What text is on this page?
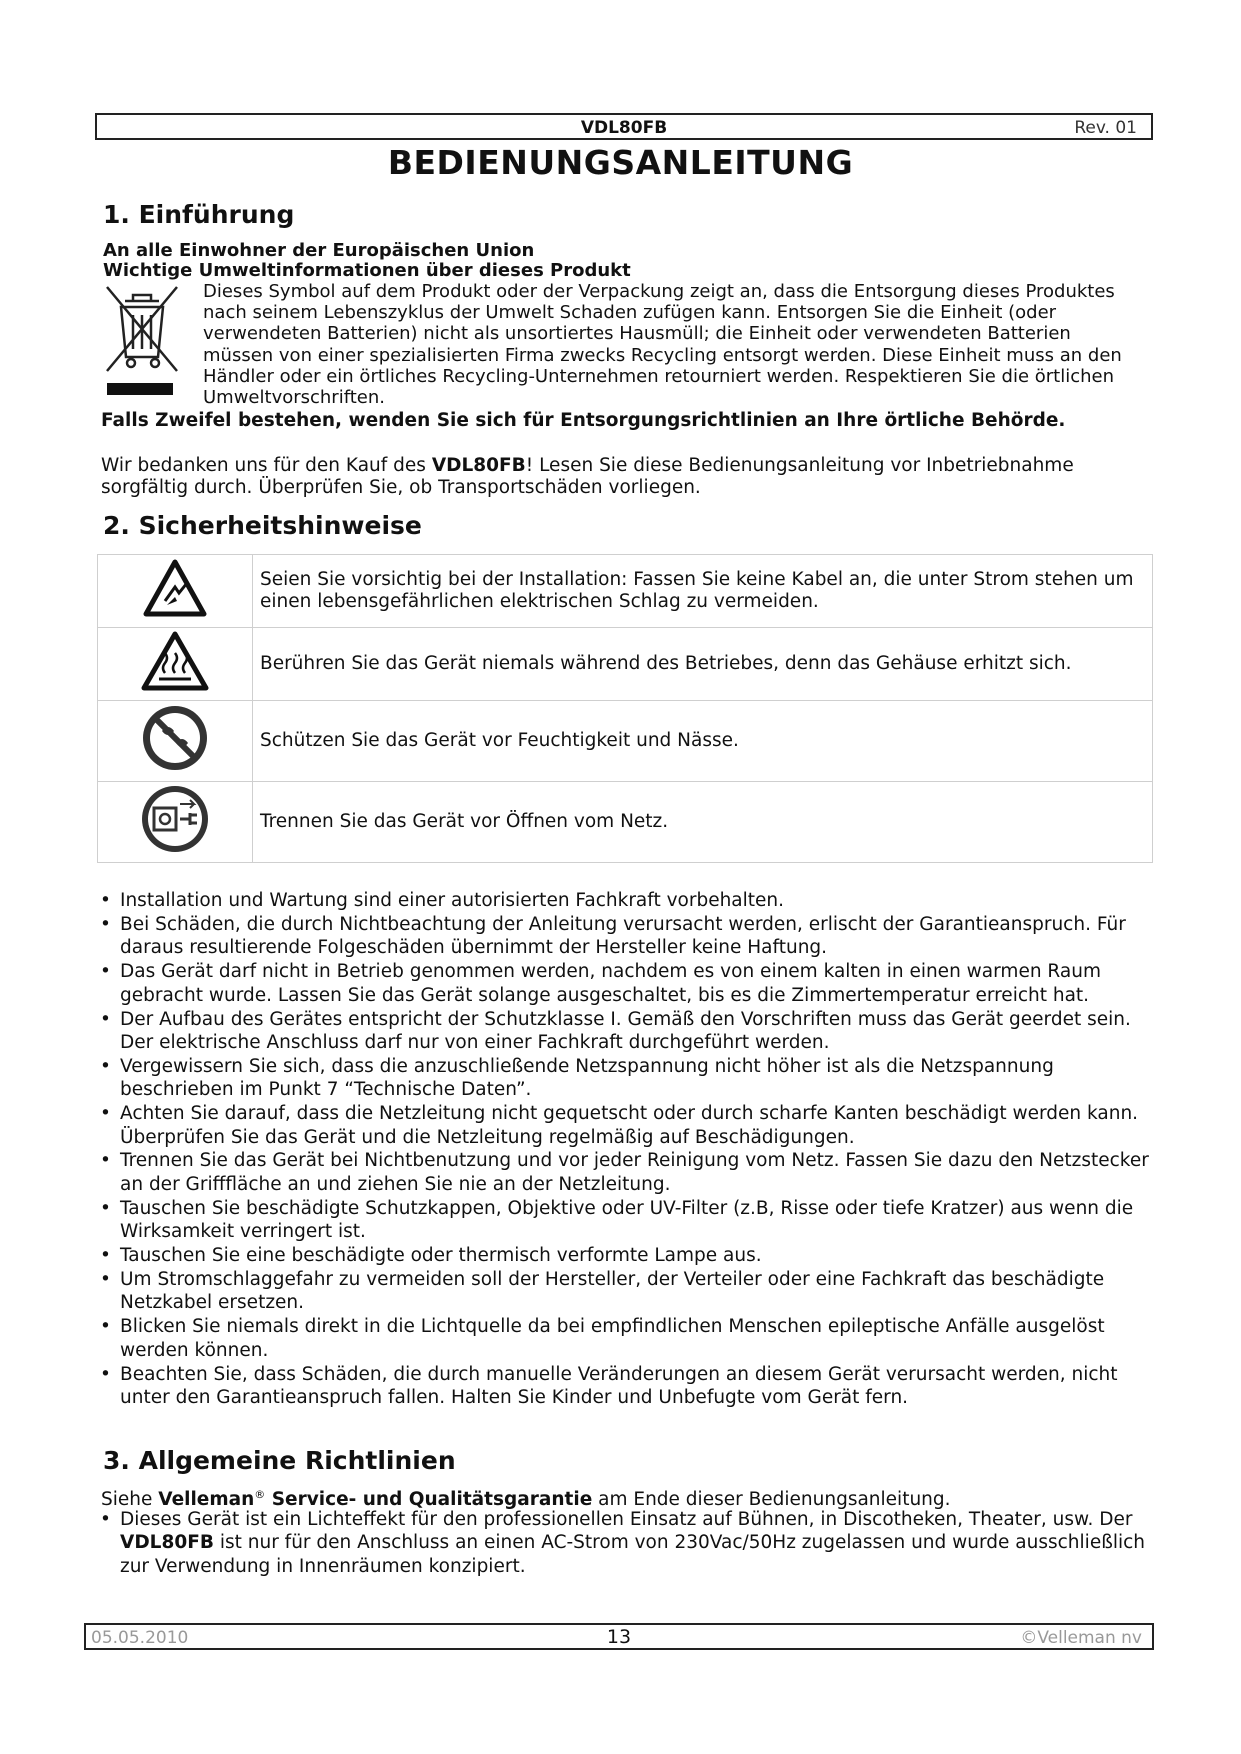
VDL80FB	Rev. 01
BEDIENUNGSANLEITUNG
1. Einführung
An alle Einwohner der Europäischen Union
Wichtige Umweltinformationen über dieses Produkt
Dieses Symbol auf dem Produkt oder der Verpackung zeigt an, dass die Entsorgung dieses Produktes nach seinem Lebenszyklus der Umwelt Schaden zufügen kann. Entsorgen Sie die Einheit (oder verwendeten Batterien) nicht als unsortiertes Hausmüll; die Einheit oder verwendeten Batterien müssen von einer spezialisierten Firma zwecks Recycling entsorgt werden. Diese Einheit muss an den Händler oder ein örtliches Recycling-Unternehmen retourniert werden. Respektieren Sie die örtlichen Umweltvorschriften.
Falls Zweifel bestehen, wenden Sie sich für Entsorgungsrichtlinien an Ihre örtliche Behörde.
Wir bedanken uns für den Kauf des VDL80FB! Lesen Sie diese Bedienungsanleitung vor Inbetriebnahme sorgfältig durch. Überprüfen Sie, ob Transportschäden vorliegen.
2. Sicherheitshinweise
	Seien Sie vorsichtig bei der Installation: Fassen Sie keine Kabel an, die unter Strom stehen um einen lebensgefährlichen elektrischen Schlag zu vermeiden.
	Berühren Sie das Gerät niemals während des Betriebes, denn das Gehäuse erhitzt sich.
	Schützen Sie das Gerät vor Feuchtigkeit und Nässe.
	Trennen Sie das Gerät vor Öffnen vom Netz.
• Installation und Wartung sind einer autorisierten Fachkraft vorbehalten.
• Bei Schäden, die durch Nichtbeachtung der Anleitung verursacht werden, erlischt der Garantieanspruch. Für daraus resultierende Folgeschäden übernimmt der Hersteller keine Haftung.
• Das Gerät darf nicht in Betrieb genommen werden, nachdem es von einem kalten in einen warmen Raum gebracht wurde. Lassen Sie das Gerät solange ausgeschaltet, bis es die Zimmertemperatur erreicht hat.
• Der Aufbau des Gerätes entspricht der Schutzklasse I. Gemäß den Vorschriften muss das Gerät geerdet sein. Der elektrische Anschluss darf nur von einer Fachkraft durchgeführt werden.
• Vergewissern Sie sich, dass die anzuschließende Netzspannung nicht höher ist als die Netzspannung beschrieben im Punkt 7 “Technische Daten”.
• Achten Sie darauf, dass die Netzleitung nicht gequetscht oder durch scharfe Kanten beschädigt werden kann. Überprüfen Sie das Gerät und die Netzleitung regelmäßig auf Beschädigungen.
• Trennen Sie das Gerät bei Nichtbenutzung und vor jeder Reinigung vom Netz. Fassen Sie dazu den Netzstecker an der Grifffläche an und ziehen Sie nie an der Netzleitung.
• Tauschen Sie beschädigte Schutzkappen, Objektive oder UV-Filter (z.B, Risse oder tiefe Kratzer) aus wenn die Wirksamkeit verringert ist.
• Tauschen Sie eine beschädigte oder thermisch verformte Lampe aus.
• Um Stromschlaggefahr zu vermeiden soll der Hersteller, der Verteiler oder eine Fachkraft das beschädigte Netzkabel ersetzen.
• Blicken Sie niemals direkt in die Lichtquelle da bei empfindlichen Menschen epileptische Anfälle ausgelöst werden können.
• Beachten Sie, dass Schäden, die durch manuelle Veränderungen an diesem Gerät verursacht werden, nicht unter den Garantieanspruch fallen. Halten Sie Kinder und Unbefugte vom Gerät fern.
3. Allgemeine Richtlinien
Siehe Velleman® Service- und Qualitätsgarantie am Ende dieser Bedienungsanleitung.
• Dieses Gerät ist ein Lichteffekt für den professionellen Einsatz auf Bühnen, in Discotheken, Theater, usw. Der VDL80FB ist nur für den Anschluss an einen AC-Strom von 230Vac/50Hz zugelassen und wurde ausschließlich zur Verwendung in Innenräumen konzipiert.
05.05.2010	13	©Velleman nv
